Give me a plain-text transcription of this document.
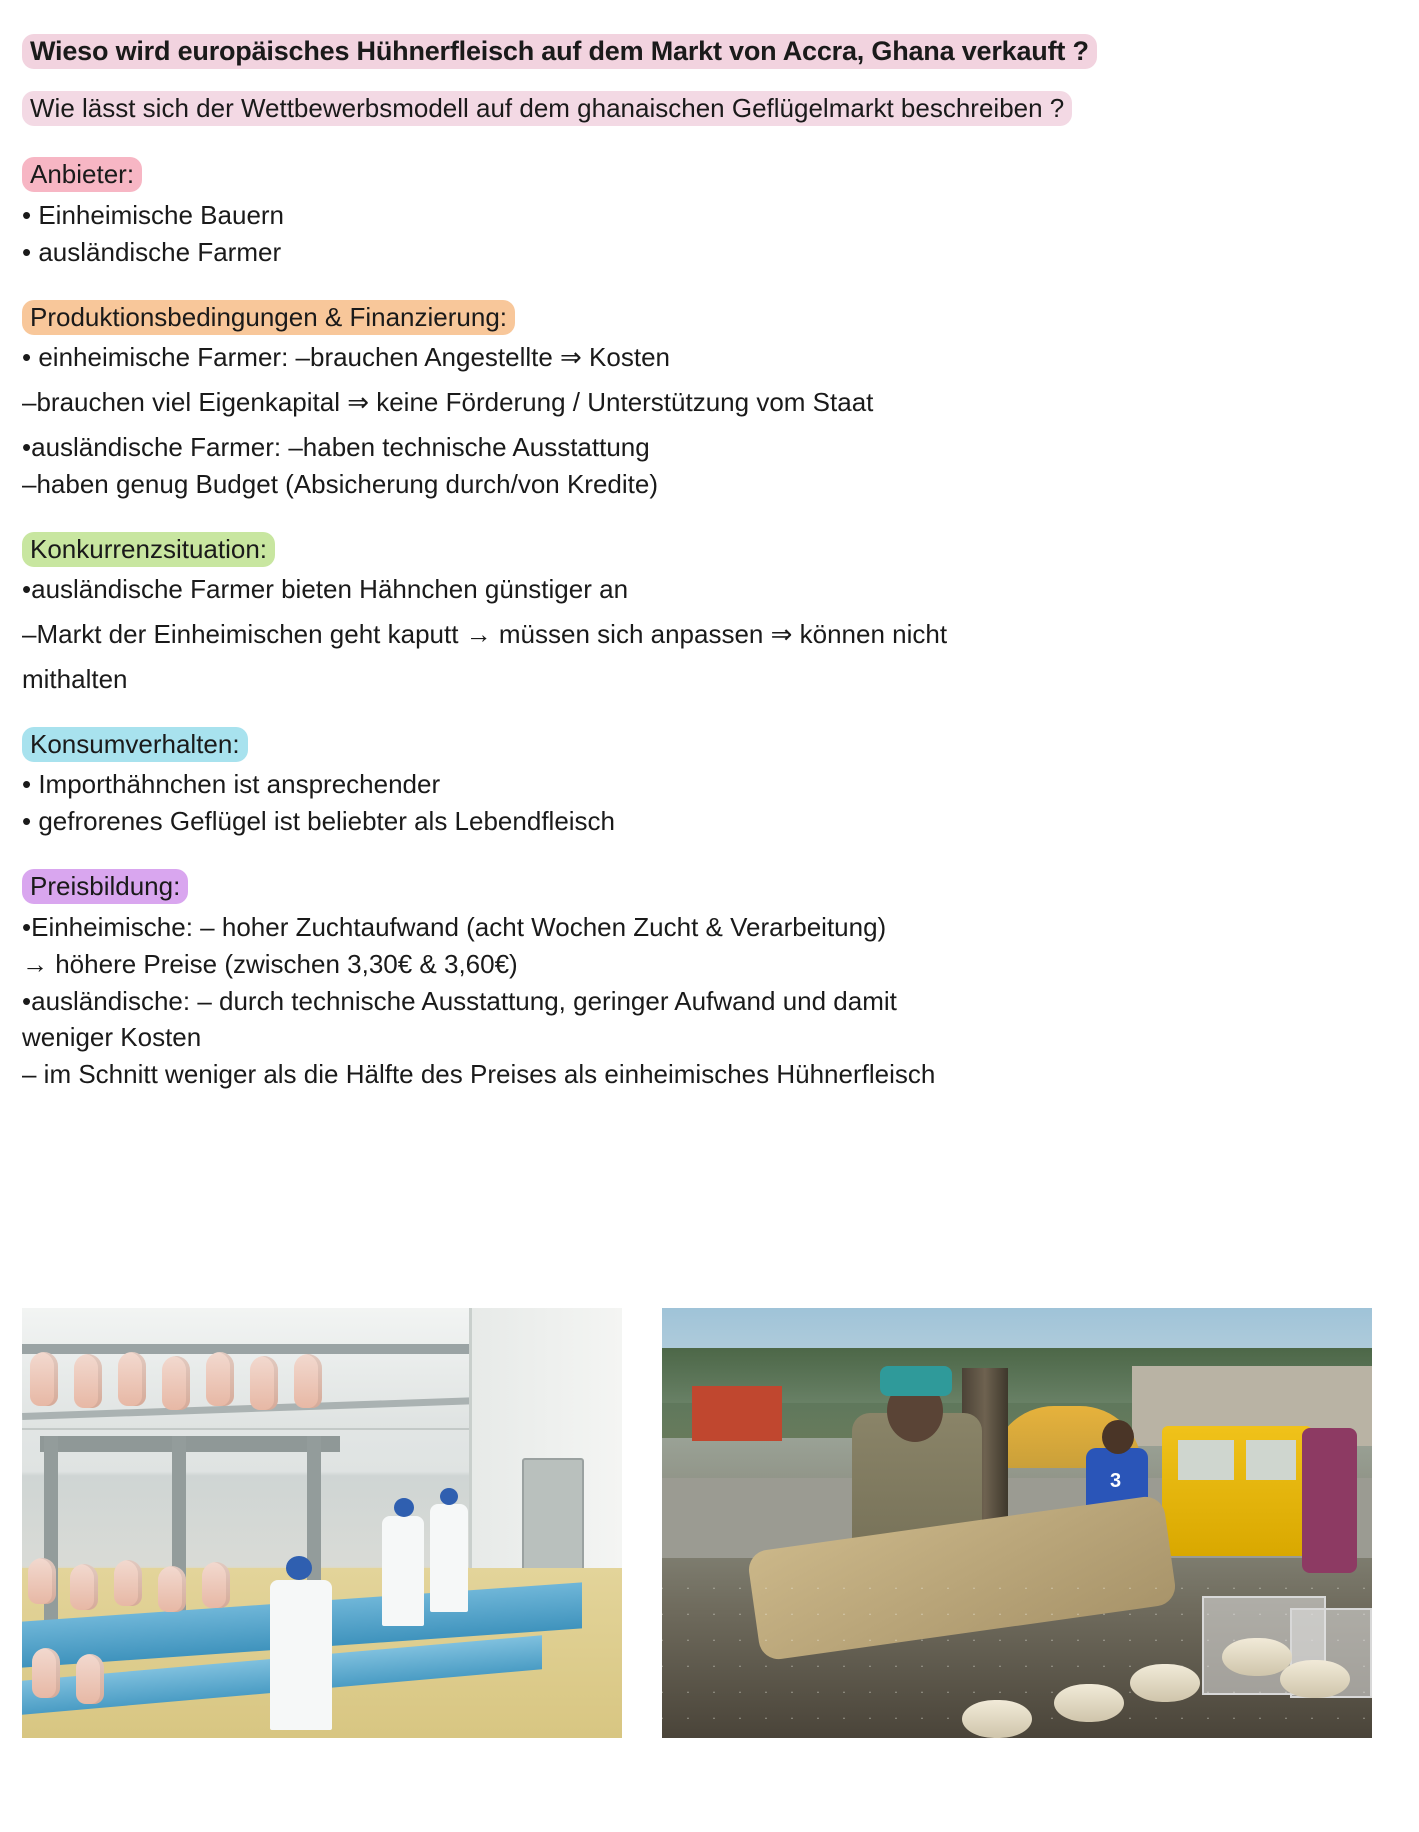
Wieso wird europäisches Hühnerfleisch auf dem Markt von Accra, Ghana verkauft ?
Wie lässt sich der Wettbewerbsmodell auf dem ghanaischen Geflügelmarkt beschreiben ?
Anbieter:

• Einheimische Bauern

• ausländische Farmer

Produktionsbedingungen & Finanzierung:

• einheimische Farmer: –brauchen Angestellte ⇒ Kosten

–brauchen viel Eigenkapital ⇒ keine Förderung / Unterstützung vom Staat

•ausländische Farmer: –haben technische Ausstattung

–haben genug Budget (Absicherung durch/von Kredite)

Konkurrenzsituation:

•ausländische Farmer bieten Hähnchen günstiger an

–Markt der Einheimischen geht kaputt → müssen sich anpassen ⇒ können nicht

mithalten

Konsumverhalten:

• Importhähnchen ist ansprechender

• gefrorenes Geflügel ist beliebter als Lebendfleisch

Preisbildung:

•Einheimische: – hoher Zuchtaufwand (acht Wochen Zucht & Verarbeitung)

→ höhere Preise (zwischen 3,30€ & 3,60€)

•ausländische: – durch technische Ausstattung, geringer Aufwand und damit

weniger Kosten

– im Schnitt weniger als die Hälfte des Preises als einheimisches Hühnerfleisch

3
